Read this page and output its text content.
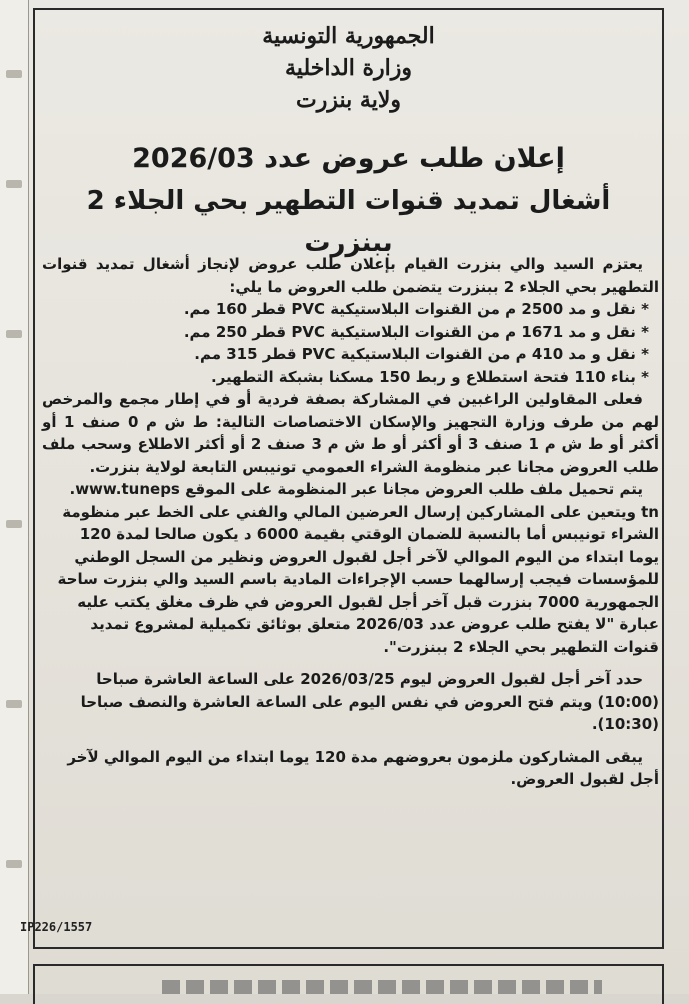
الجمهورية التونسية
وزارة الداخلية
ولاية بنزرت
إعلان طلب عروض عدد 2026/03
أشغال تمديد قنوات التطهير بحي الجلاء 2 ببنزرت

يعتزم السيد والي بنزرت القيام بإعلان طلب عروض لإنجاز أشغال تمديد قنوات التطهير بحي الجلاء 2 ببنزرت يتضمن طلب العروض ما يلي:

* نقل و مد 2500 م من القنوات البلاستيكية PVC قطر 160 مم.

* نقل و مد 1671 م من القنوات البلاستيكية PVC قطر 250 مم.

* نقل و مد 410 م من القنوات البلاستيكية PVC قطر 315 مم.

* بناء 110 فتحة استطلاع و ربط 150 مسكنا بشبكة التطهير.

فعلى المقاولين الراغبين في المشاركة بصفة فردية أو في إطار مجمع والمرخص لهم من طرف وزارة التجهيز والإسكان الاختصاصات التالية: ط ش م 0 صنف 1 أو أكثر أو ط ش م 1 صنف 3 أو أكثر أو ط ش م 3 صنف 2 أو أكثر الاطلاع وسحب ملف طلب العروض مجانا عبر منظومة الشراء العمومي تونيبس التابعة لولاية بنزرت.

يتم تحميل ملف طلب العروض مجانا عبر المنظومة على الموقع www.tuneps.

tn ويتعين على المشاركين إرسال العرضين المالي والفني على الخط عبر منظومة

الشراء تونيبس أما بالنسبة للضمان الوقتي بقيمة 6000 د يكون صالحا لمدة 120

يوما ابتداء من اليوم الموالي لآخر أجل لقبول العروض ونظير من السجل الوطني

للمؤسسات فيجب إرسالهما حسب الإجراءات المادية باسم السيد والي بنزرت ساحة

الجمهورية 7000 بنزرت قبل آخر أجل لقبول العروض في ظرف مغلق يكتب عليه

عبارة "لا يفتح طلب عروض عدد 2026/03 متعلق بوثائق تكميلية لمشروع تمديد

قنوات التطهير بحي الجلاء 2 ببنزرت".

حدد آخر أجل لقبول العروض ليوم 2026/03/25 على الساعة العاشرة صباحا

(10:00) ويتم فتح العروض في نفس اليوم على الساعة العاشرة والنصف صباحا

(10:30).

يبقى المشاركون ملزمون بعروضهم مدة 120 يوما ابتداء من اليوم الموالي لآخر

أجل لقبول العروض.

IP226/1557
